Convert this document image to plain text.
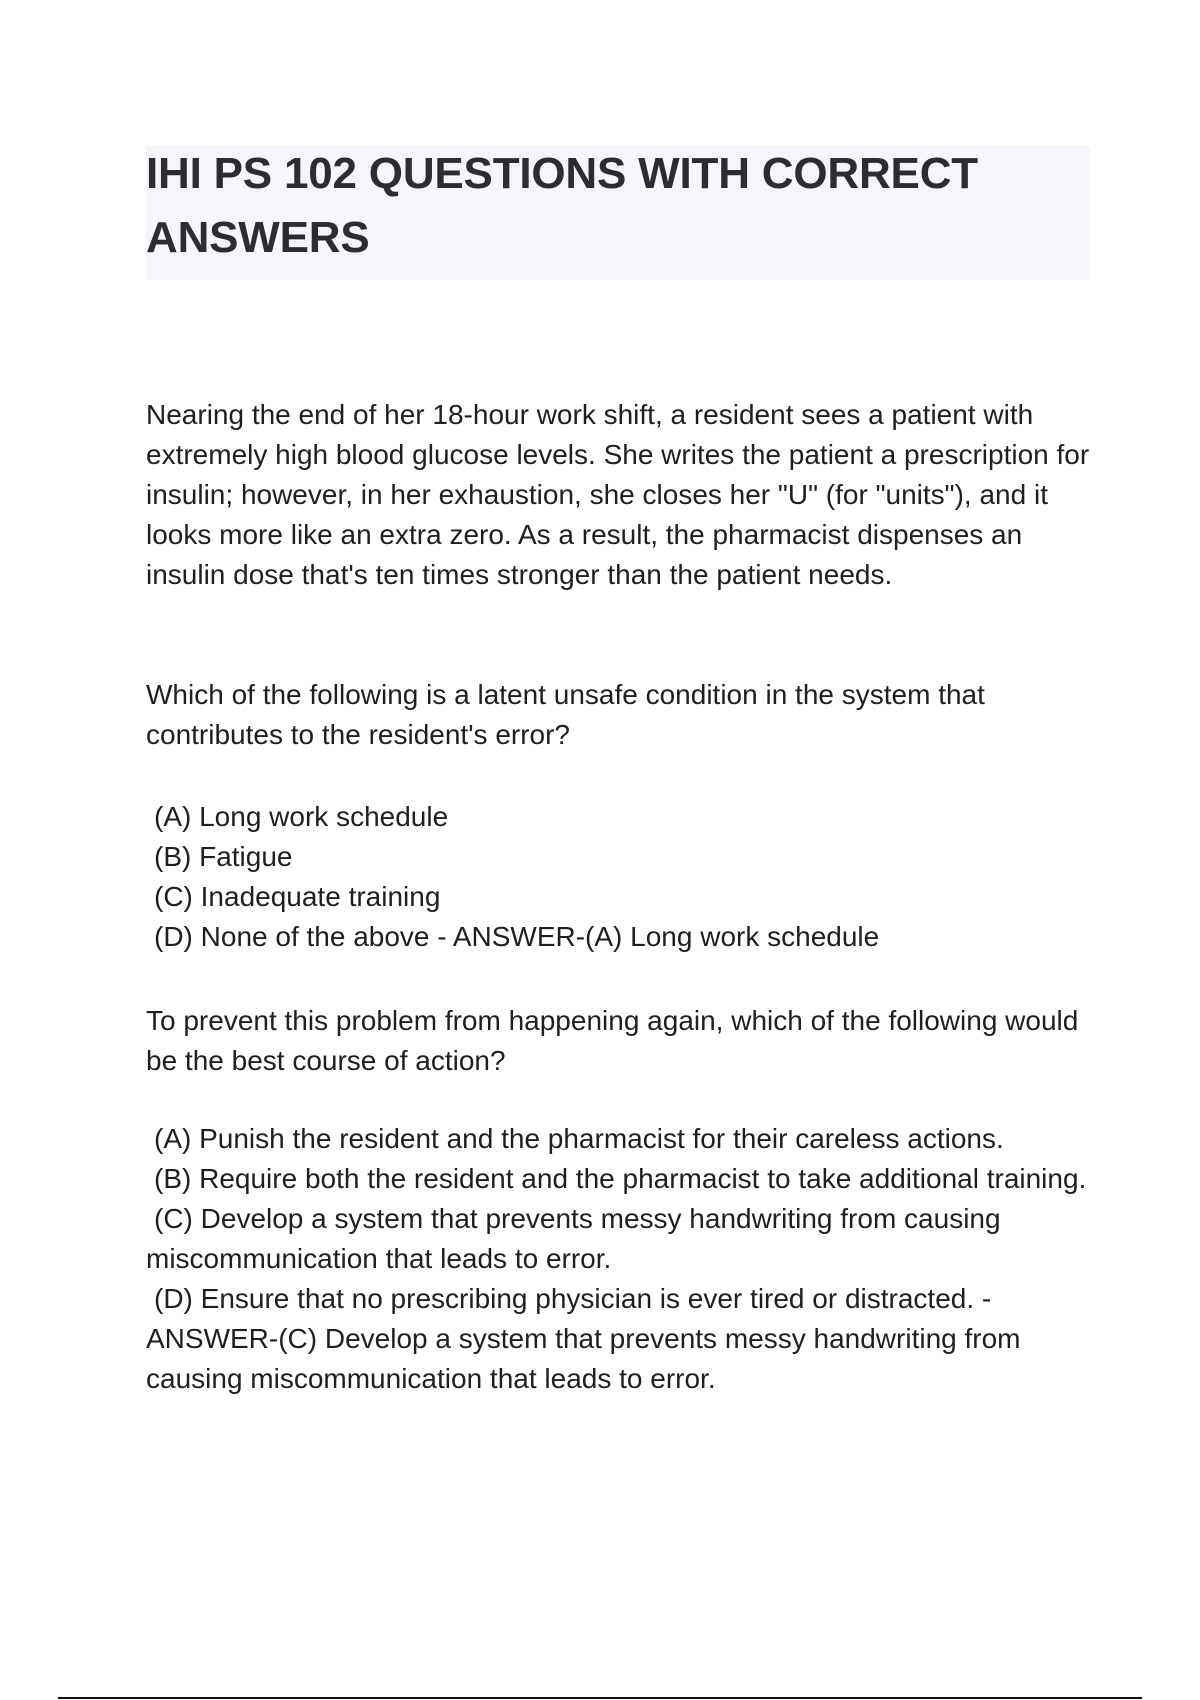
IHI PS 102 QUESTIONS WITH CORRECT ANSWERS

Nearing the end of her 18-hour work shift, a resident sees a patient with extremely high blood glucose levels. She writes the patient a prescription for insulin; however, in her exhaustion, she closes her "U" (for "units"), and it looks more like an extra zero. As a result, the pharmacist dispenses an insulin dose that's ten times stronger than the patient needs.

Which of the following is a latent unsafe condition in the system that contributes to the resident's error?

(A) Long work schedule
(B) Fatigue
(C) Inadequate training
(D) None of the above - ANSWER-(A) Long work schedule

To prevent this problem from happening again, which of the following would be the best course of action?

(A) Punish the resident and the pharmacist for their careless actions.
(B) Require both the resident and the pharmacist to take additional training.
(C) Develop a system that prevents messy handwriting from causing miscommunication that leads to error.
(D) Ensure that no prescribing physician is ever tired or distracted. - ANSWER-(C) Develop a system that prevents messy handwriting from causing miscommunication that leads to error.
